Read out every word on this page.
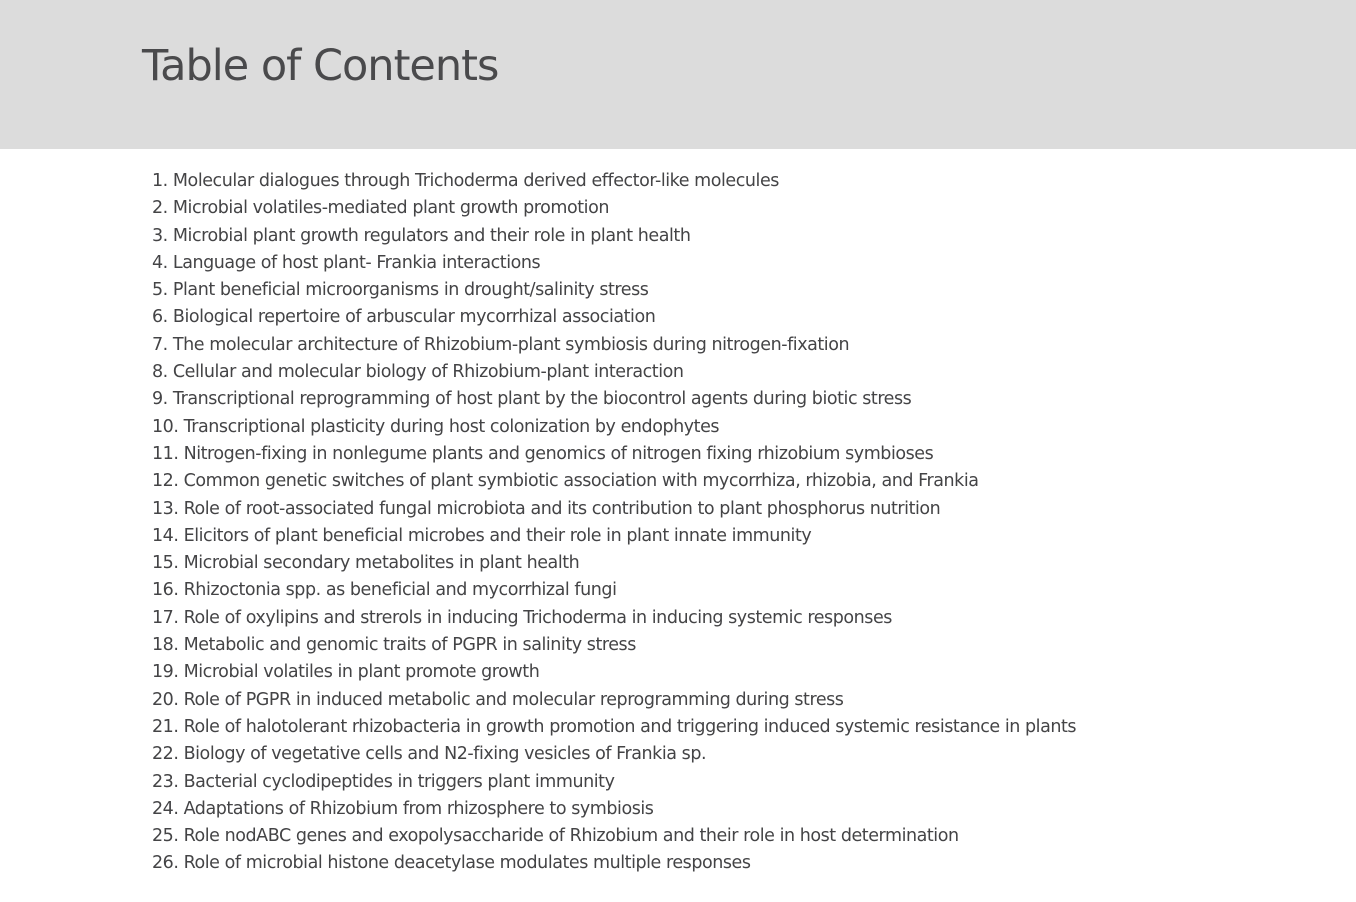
Table of Contents
1. Molecular dialogues through Trichoderma derived effector-like molecules
2. Microbial volatiles-mediated plant growth promotion
3. Microbial plant growth regulators and their role in plant health
4. Language of host plant- Frankia interactions
5. Plant beneficial microorganisms in drought/salinity stress
6. Biological repertoire of arbuscular mycorrhizal association
7. The molecular architecture of Rhizobium-plant symbiosis during nitrogen-fixation
8. Cellular and molecular biology of Rhizobium-plant interaction
9. Transcriptional reprogramming of host plant by the biocontrol agents during biotic stress
10. Transcriptional plasticity during host colonization by endophytes
11. Nitrogen-fixing in nonlegume plants and genomics of nitrogen fixing rhizobium symbioses
12. Common genetic switches of plant symbiotic association with mycorrhiza, rhizobia, and Frankia
13. Role of root-associated fungal microbiota and its contribution to plant phosphorus nutrition
14. Elicitors of plant beneficial microbes and their role in plant innate immunity
15. Microbial secondary metabolites in plant health
16. Rhizoctonia spp. as beneficial and mycorrhizal fungi
17. Role of oxylipins and strerols in inducing Trichoderma in inducing systemic responses
18. Metabolic and genomic traits of PGPR in salinity stress
19. Microbial volatiles in plant promote growth
20. Role of PGPR in induced metabolic and molecular reprogramming during stress
21. Role of halotolerant rhizobacteria in growth promotion and triggering induced systemic resistance in plants
22. Biology of vegetative cells and N2-fixing vesicles of Frankia sp.
23. Bacterial cyclodipeptides in triggers plant immunity
24. Adaptations of Rhizobium from rhizosphere to symbiosis
25. Role nodABC genes and exopolysaccharide of Rhizobium and their role in host determination
26. Role of microbial histone deacetylase modulates multiple responses
